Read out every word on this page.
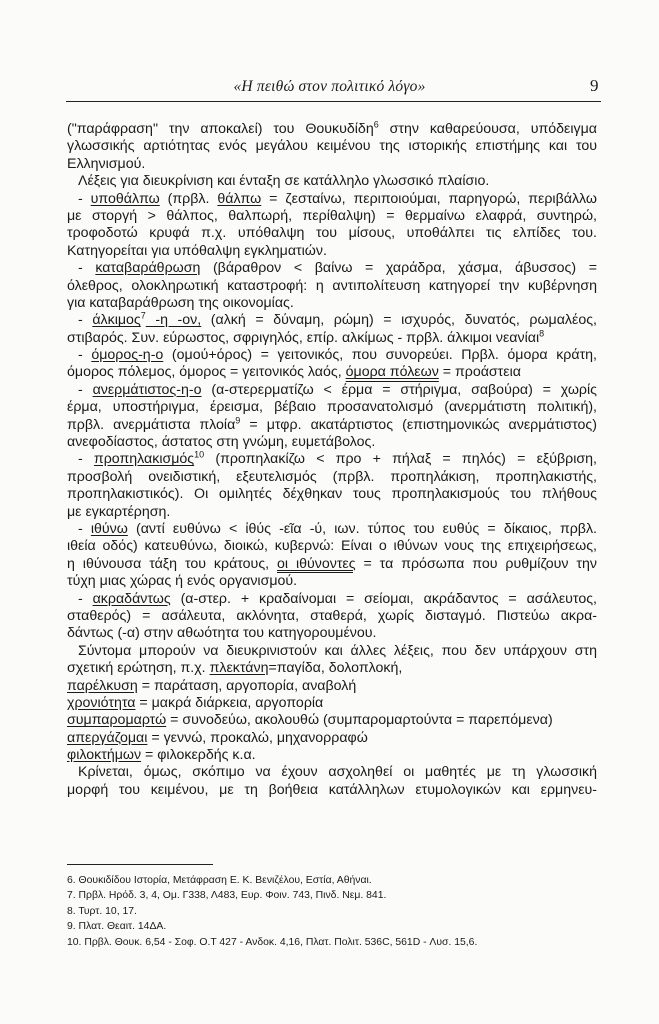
«Η πειθώ στον πολιτικό λόγο»	9
("παράφραση" την αποκαλεί) του Θουκυδίδη$^6$ στην καθαρεύουσα, υπόδειγμα
γλωσσικής αρτιότητας ενός μεγάλου κειμένου της ιστορικής επιστήμης και του
Ελληνισμού.
Λέξεις για διευκρίνιση και ένταξη σε κατάλληλο γλωσσικό πλαίσιο.
- υποθάλπω (πρβλ. θάλπω = ζεσταίνω, περιποιούμαι, παρηγορώ, περιβάλλω
με στοργή > θάλπος, θαλπωρή, περίθαλψη) = θερμαίνω ελαφρά, συντηρώ,
τροφοδοτώ κρυφά π.χ. υπόθαλψη του μίσους, υποθάλπει τις ελπίδες του.
Κατηγορείται για υπόθαλψη εγκληματιών.
- καταβαράθρωση (βάραθρον < βαίνω = χαράδρα, χάσμα, άβυσσος) =
όλεθρος, ολοκληρωτική καταστροφή: η αντιπολίτευση κατηγορεί την κυβέρνηση
για καταβαράθρωση της οικονομίας.
- άλκιμος$^7$ -η -ον, (αλκή = δύναμη, ρώμη) = ισχυρός, δυνατός, ρωμαλέος,
στιβαρός. Συν. εύρωστος, σφριγηλός, επίρ. αλκίμως - πρβλ. άλκιμοι νεανίαι$^8$
- όμορος-η-ο (ομού+όρος) = γειτονικός, που συνορεύει. Πρβλ. όμορα κράτη,
όμορος πόλεμος, όμορος = γειτονικός λαός, όμορα πόλεων = προάστεια
- ανερμάτιστος-η-ο (α-στερερματίζω < έρμα = στήριγμα, σαβούρα) = χωρίς
έρμα, υποστήριγμα, έρεισμα, βέβαιο προσανατολισμό (ανερμάτιστη πολιτική),
πρβλ. ανερμάτιστα πλοία$^9$ = μτφρ. ακατάρτιστος (επιστημονικώς ανερμάτιστος)
ανεφοδίαστος, άστατος στη γνώμη, ευμετάβολος.
- προπηλακισμός$^{10}$ (προπηλακίζω < προ + πήλαξ = πηλός) = εξύβριση,
προσβολή ονειδιστική, εξευτελισμός (πρβλ. προπηλάκιση, προπηλακιστής,
προπηλακιστικός). Οι ομιλητές δέχθηκαν τους προπηλακισμούς του πλήθους
με εγκαρτέρηση.
- ιθύνω (αντί ευθύνω < ἰθύς -εῖα -ύ, ιων. τύπος του ευθύς = δίκαιος, πρβλ.
ιθεία οδός) κατευθύνω, διοικώ, κυβερνώ: Είναι ο ιθύνων νους της επιχειρήσεως,
η ιθύνουσα τάξη του κράτους, οι ιθύνοντες = τα πρόσωπα που ρυθμίζουν την
τύχη μιας χώρας ή ενός οργανισμού.
- ακραδάντως (α-στερ. + κραδαίνομαι = σείομαι, ακράδαντος = ασάλευτος,
σταθερός) = ασάλευτα, ακλόνητα, σταθερά, χωρίς δισταγμό. Πιστεύω ακρα-
δάντως (-α) στην αθωότητα του κατηγορουμένου.
Σύντομα μπορούν να διευκρινιστούν και άλλες λέξεις, που δεν υπάρχουν στη
σχετική ερώτηση, π.χ. πλεκτάνη=παγίδα, δολοπλοκή,
παρέλκυση = παράταση, αργοπορία, αναβολή
χρονιότητα = μακρά διάρκεια, αργοπορία
συμπαρομαρτώ = συνοδεύω, ακολουθώ (συμπαρομαρτούντα = παρεπόμενα)
απεργάζομαι = γεννώ, προκαλώ, μηχανορραφώ
φιλοκτήμων = φιλοκερδής κ.α.
Κρίνεται, όμως, σκόπιμο να έχουν ασχοληθεί οι μαθητές με τη γλωσσική
μορφή του κειμένου, με τη βοήθεια κατάλληλων ετυμολογικών και ερμηνευ-
6. Θουκιδίδου Ιστορία, Μετάφραση Ε. Κ. Βενιζέλου, Εστία, Αθήναι.
7. Πρβλ. Ηρόδ. 3, 4, Ομ. Γ338, Λ483, Ευρ. Φοιν. 743, Πινδ. Νεμ. 841.
8. Τυρτ. 10, 17.
9. Πλατ. Θεαιτ. 14ΔΑ.
10. Πρβλ. Θουκ. 6,54 - Σοφ. Ο.Τ 427 - Ανδοκ. 4,16, Πλατ. Πολιτ. 536C, 561D - Λυσ. 15,6.
